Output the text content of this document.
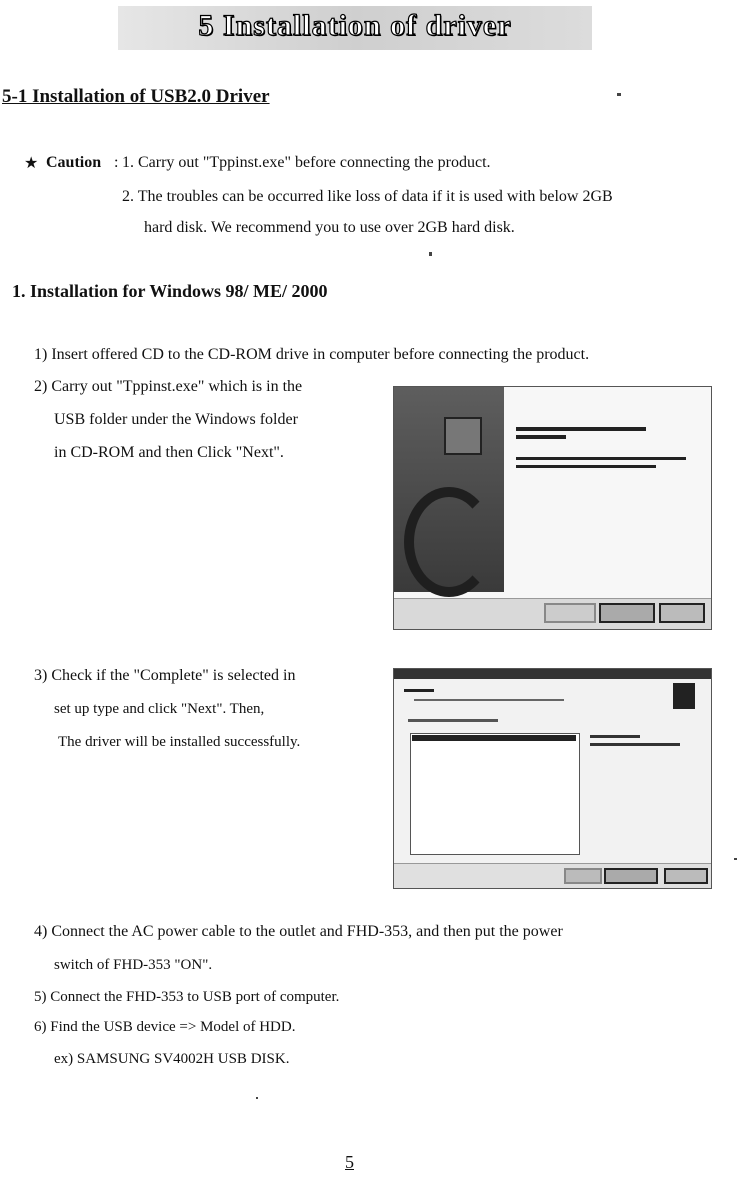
5 Installation of driver
5-1 Installation of USB2.0 Driver
★ Caution : 1. Carry out "Tppinst.exe" before connecting the product.
2. The troubles can be occurred like loss of data if it is used with below 2GB
hard disk. We recommend you to use over 2GB hard disk.
1. Installation for Windows 98/ ME/ 2000
1) Insert offered CD to the CD-ROM drive in computer before connecting the product.
2) Carry out "Tppinst.exe" which is in the
USB folder under the Windows folder
in CD-ROM and then Click "Next".
3) Check if the "Complete" is selected in
set up type and click "Next". Then,
The driver will be installed successfully.
4) Connect the AC power cable to the outlet and FHD-353, and then put the power
switch of FHD-353 "ON".
5) Connect the FHD-353 to USB port of computer.
6) Find the USB device => Model of HDD.
ex) SAMSUNG SV4002H USB DISK.
5
